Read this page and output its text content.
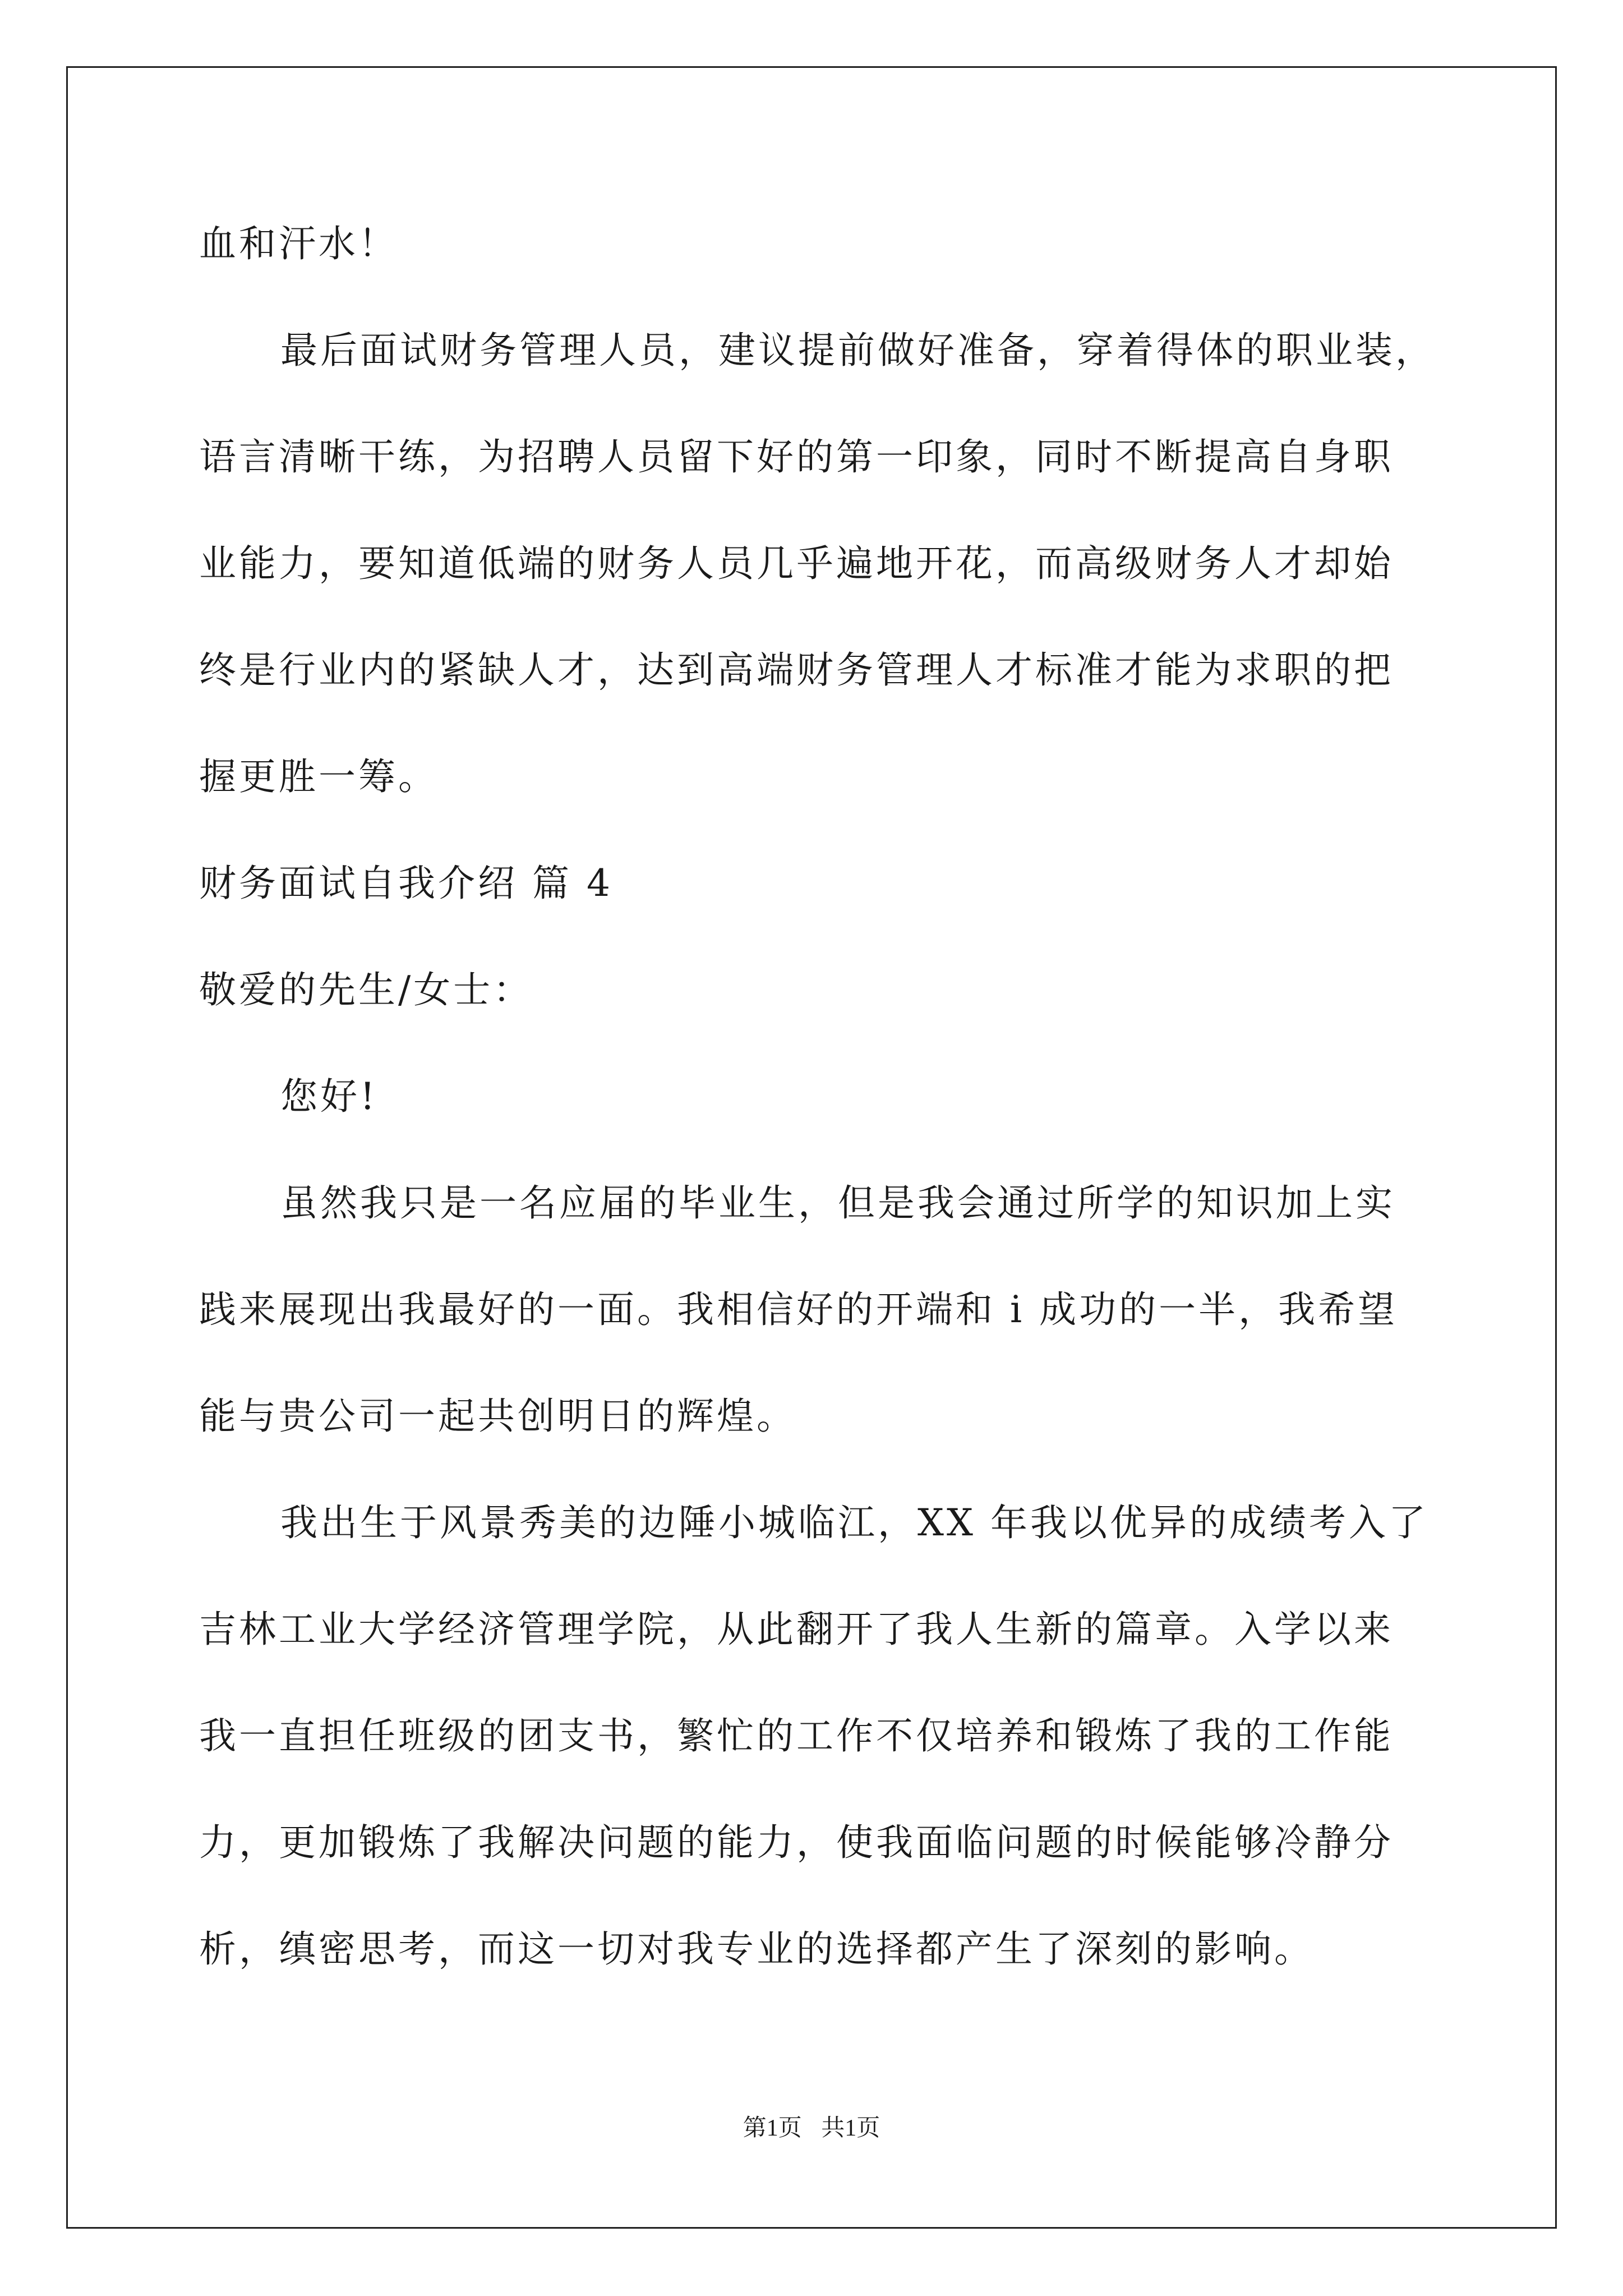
血和汗水！
最后面试财务管理人员，建议提前做好准备，穿着得体的职业装，
语言清晰干练，为招聘人员留下好的第一印象，同时不断提高自身职
业能力，要知道低端的财务人员几乎遍地开花，而高级财务人才却始
终是行业内的紧缺人才，达到高端财务管理人才标准才能为求职的把
握更胜一筹。
财务面试自我介绍 篇 4
敬爱的先生/女士：
您好!
虽然我只是一名应届的毕业生，但是我会通过所学的知识加上实
践来展现出我最好的一面。我相信好的开端和 i 成功的一半，我希望
能与贵公司一起共创明日的辉煌。
我出生于风景秀美的边陲小城临江，XX 年我以优异的成绩考入了
吉林工业大学经济管理学院，从此翻开了我人生新的篇章。入学以来
我一直担任班级的团支书，繁忙的工作不仅培养和锻炼了我的工作能
力，更加锻炼了我解决问题的能力，使我面临问题的时候能够冷静分
析，缜密思考，而这一切对我专业的选择都产生了深刻的影响。
第1页 共1页
